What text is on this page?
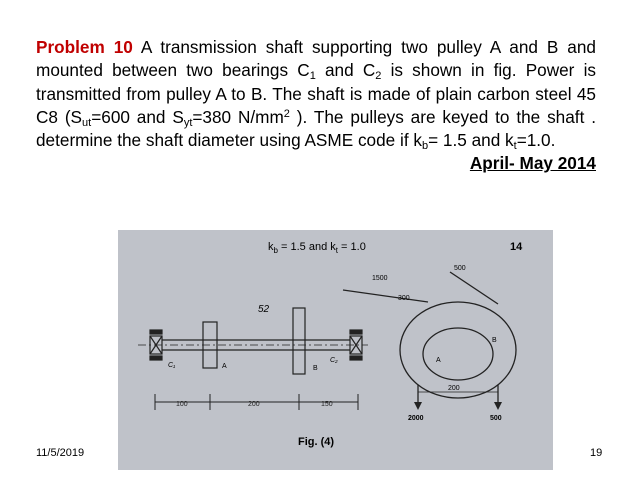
Problem 10 A transmission shaft supporting two pulley A and B and mounted between two bearings $C_1$ and $C_2$ is shown in fig. Power is transmitted from pulley A to B. The shaft is made of plain carbon steel 45 C8 ($S_{ut}=600$ and $S_{yt}=380$ $N/mm^2$ ). The pulleys are keyed to the shaft . determine the shaft diameter using ASME code if $k_b= 1.5$ and $k_t=1.0$.
April- May 2014
$k_b = 1.5$ and $k_t = 1.0$	14
52
C₁	A	B
C₂
100	200	150
1500
300
500
200
2000	500
A
B
Fig. (4)
11/5/2019	19
